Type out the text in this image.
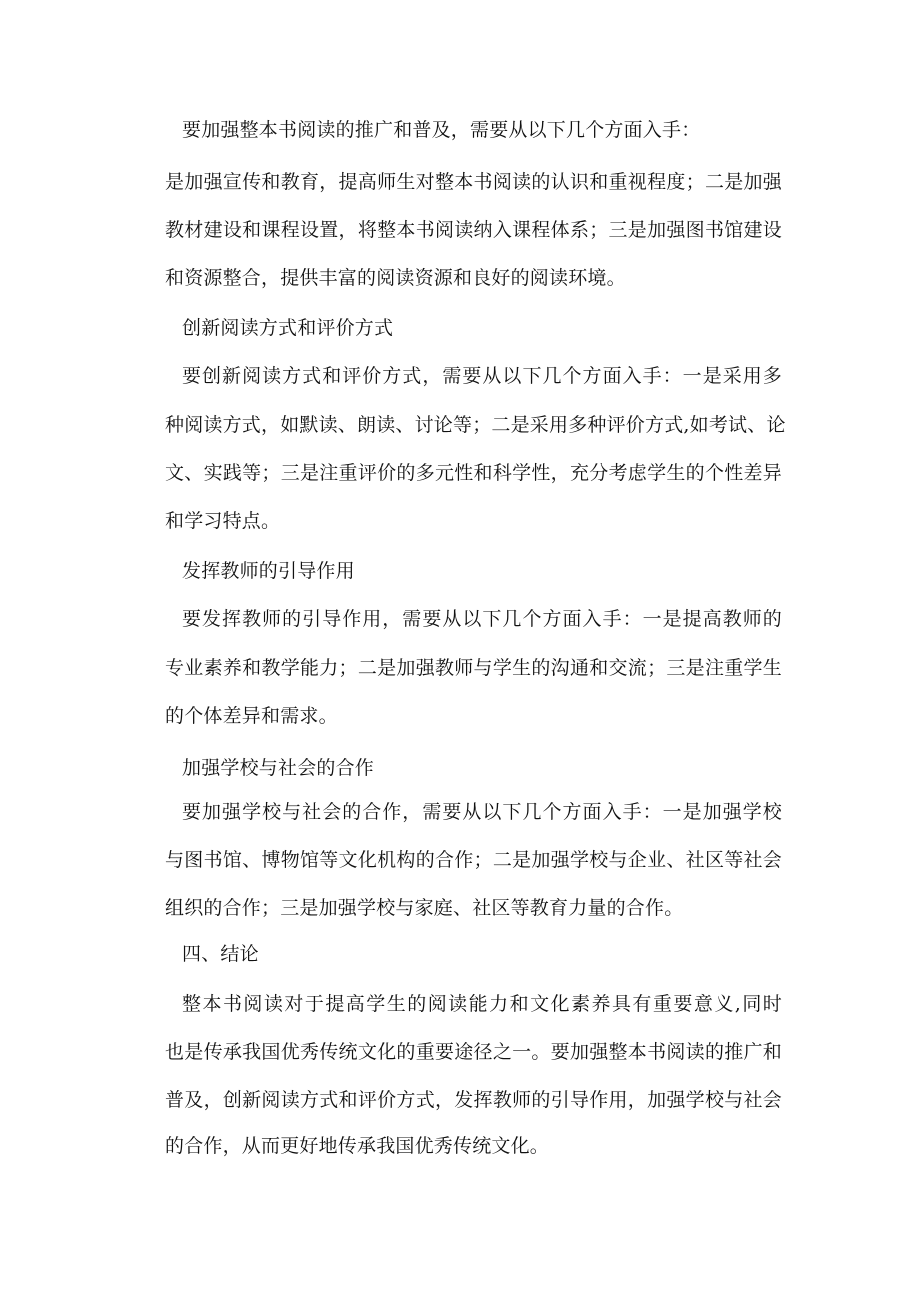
要加强整本书阅读的推广和普及，需要从以下几个方面入手：
是加强宣传和教育，提高师生对整本书阅读的认识和重视程度；二是加强
教材建设和课程设置，将整本书阅读纳入课程体系；三是加强图书馆建设
和资源整合，提供丰富的阅读资源和良好的阅读环境。
创新阅读方式和评价方式
要创新阅读方式和评价方式，需要从以下几个方面入手：一是采用多
种阅读方式，如默读、朗读、讨论等；二是采用多种评价方式,如考试、论
文、实践等；三是注重评价的多元性和科学性，充分考虑学生的个性差异
和学习特点。
发挥教师的引导作用
要发挥教师的引导作用，需要从以下几个方面入手：一是提高教师的
专业素养和教学能力；二是加强教师与学生的沟通和交流；三是注重学生
的个体差异和需求。
加强学校与社会的合作
要加强学校与社会的合作，需要从以下几个方面入手：一是加强学校
与图书馆、博物馆等文化机构的合作；二是加强学校与企业、社区等社会
组织的合作；三是加强学校与家庭、社区等教育力量的合作。
四、结论
整本书阅读对于提高学生的阅读能力和文化素养具有重要意义,同时
也是传承我国优秀传统文化的重要途径之一。要加强整本书阅读的推广和
普及，创新阅读方式和评价方式，发挥教师的引导作用，加强学校与社会
的合作，从而更好地传承我国优秀传统文化。
